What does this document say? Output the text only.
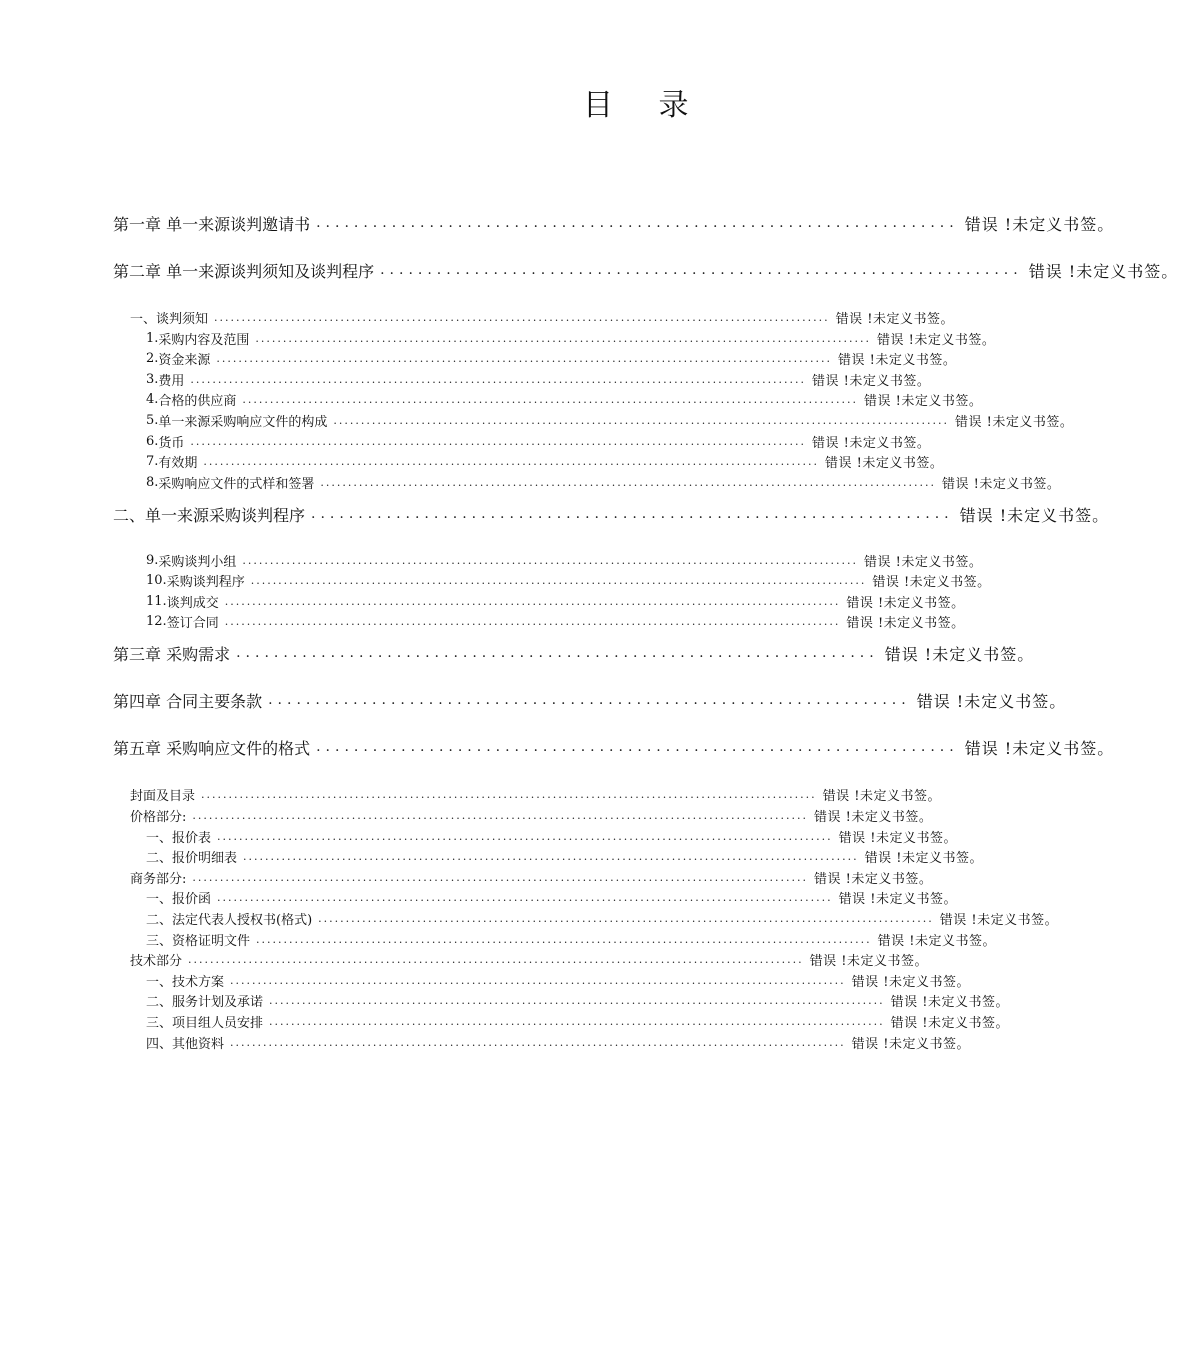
目 录
第一章 单一来源谈判邀请书 .................................................................... 错误 !未定义书签。
第二章 单一来源谈判须知及谈判程序 .................................................................... 错误 !未定义书签。
一、谈判须知 ................................................................................................................ 错误 !未定义书签。
1. 采购内容及范围 ................................................................................................................ 错误 !未定义书签。
2. 资金来源 ................................................................................................................ 错误 !未定义书签。
3. 费用 ................................................................................................................ 错误 !未定义书签。
4. 合格的供应商 ................................................................................................................ 错误 !未定义书签。
5. 单一来源采购响应文件的构成 ................................................................................................................ 错误 !未定义书签。
6. 货币 ................................................................................................................ 错误 !未定义书签。
7. 有效期 ................................................................................................................ 错误 !未定义书签。
8. 采购响应文件的式样和签署 ................................................................................................................ 错误 !未定义书签。
二、单一来源采购谈判程序 .................................................................... 错误 !未定义书签。
9. 采购谈判小组 ................................................................................................................ 错误 !未定义书签。
10. 采购谈判程序 ................................................................................................................ 错误 !未定义书签。
11. 谈判成交 ................................................................................................................ 错误 !未定义书签。
12. 签订合同 ................................................................................................................ 错误 !未定义书签。
第三章 采购需求 .................................................................... 错误 !未定义书签。
第四章 合同主要条款 .................................................................... 错误 !未定义书签。
第五章 采购响应文件的格式 .................................................................... 错误 !未定义书签。
封面及目录 ................................................................................................................ 错误 !未定义书签。
价格部分: ................................................................................................................ 错误 !未定义书签。
一、报价表 ................................................................................................................ 错误 !未定义书签。
二、报价明细表 ................................................................................................................ 错误 !未定义书签。
商务部分: ................................................................................................................ 错误 !未定义书签。
一、报价函 ................................................................................................................ 错误 !未定义书签。
二、法定代表人授权书(格式) ................................................................................................................ 错误 !未定义书签。
三、资格证明文件 ................................................................................................................ 错误 !未定义书签。
技术部分 ................................................................................................................ 错误 !未定义书签。
一、技术方案 ................................................................................................................ 错误 !未定义书签。
二、服务计划及承诺 ................................................................................................................ 错误 !未定义书签。
三、项目组人员安排 ................................................................................................................ 错误 !未定义书签。
四、其他资料 ................................................................................................................ 错误 !未定义书签。
